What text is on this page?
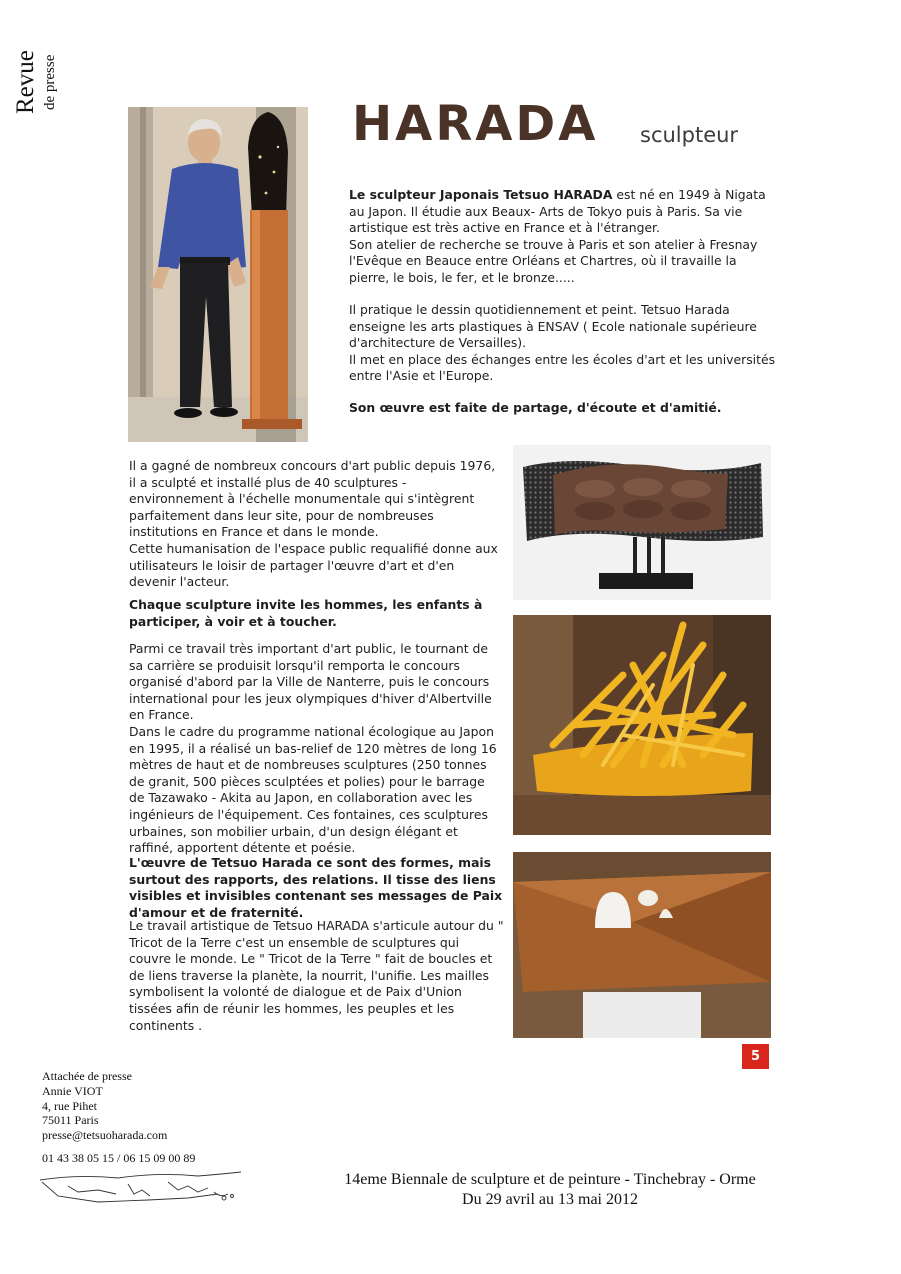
Revue de presse
HARADA sculpteur

Le sculpteur Japonais Tetsuo HARADA est né en 1949 à Nigata au Japon. Il étudie aux Beaux- Arts de Tokyo puis à Paris. Sa vie artistique est très active en France et à l'étranger.
Son atelier de recherche se trouve à Paris et son atelier à Fresnay l'Evêque en Beauce entre Orléans et Chartres, où il travaille la pierre, le bois, le fer, et le bronze.....

Il pratique le dessin quotidiennement et peint. Tetsuo Harada enseigne les arts plastiques à ENSAV ( Ecole nationale supérieure d'architecture de Versailles).
Il met en place des échanges entre les écoles d'art et les universités entre l'Asie et l'Europe.

Son œuvre est faite de partage, d'écoute et d'amitié.

Il a gagné de nombreux concours d'art public depuis 1976, il a sculpté et installé plus de 40 sculptures - environnement à l'échelle monumentale qui s'intègrent parfaitement dans leur site, pour de nombreuses institutions en France et dans le monde.
Cette humanisation de l'espace public requalifié donne aux utilisateurs le loisir de partager l'œuvre d'art et d'en devenir l'acteur.

Chaque sculpture invite les hommes, les enfants à participer, à voir et à toucher.

Parmi ce travail très important d'art public, le tournant de sa carrière se produisit lorsqu'il remporta le concours organisé d'abord par la Ville de Nanterre, puis le concours international pour les jeux olympiques d'hiver d'Albertville en France.
Dans le cadre du programme national écologique au Japon en 1995, il a réalisé un bas-relief de 120 mètres de long 16 mètres de haut et de nombreuses sculptures (250 tonnes de granit, 500 pièces sculptées et polies) pour le barrage de Tazawako - Akita au Japon, en collaboration avec les ingénieurs de l'équipement. Ces fontaines, ces sculptures urbaines, son mobilier urbain, d'un design élégant et raffiné, apportent détente et poésie.

L'œuvre de Tetsuo Harada ce sont des formes, mais surtout des rapports, des relations. Il tisse des liens visibles et invisibles contenant ses messages de Paix d'amour et de fraternité.

Le travail artistique de Tetsuo HARADA s'articule autour du " Tricot de la Terre c'est un ensemble de sculptures qui couvre le monde. Le " Tricot de la Terre " fait de boucles et de liens traverse la planète, la nourrit, l'unifie. Les mailles symbolisent la volonté de dialogue et de Paix d'Union tissées afin de réunir les hommes, les peuples et les continents .

5
Attachée de presse
Annie VIOT
4, rue Pihet
75011 Paris
presse@tetsuoharada.com
01 43 38 05 15 / 06 15 09 00 89
14eme Biennale de sculpture et de peinture - Tinchebray - Orme
Du 29 avril au 13 mai 2012
